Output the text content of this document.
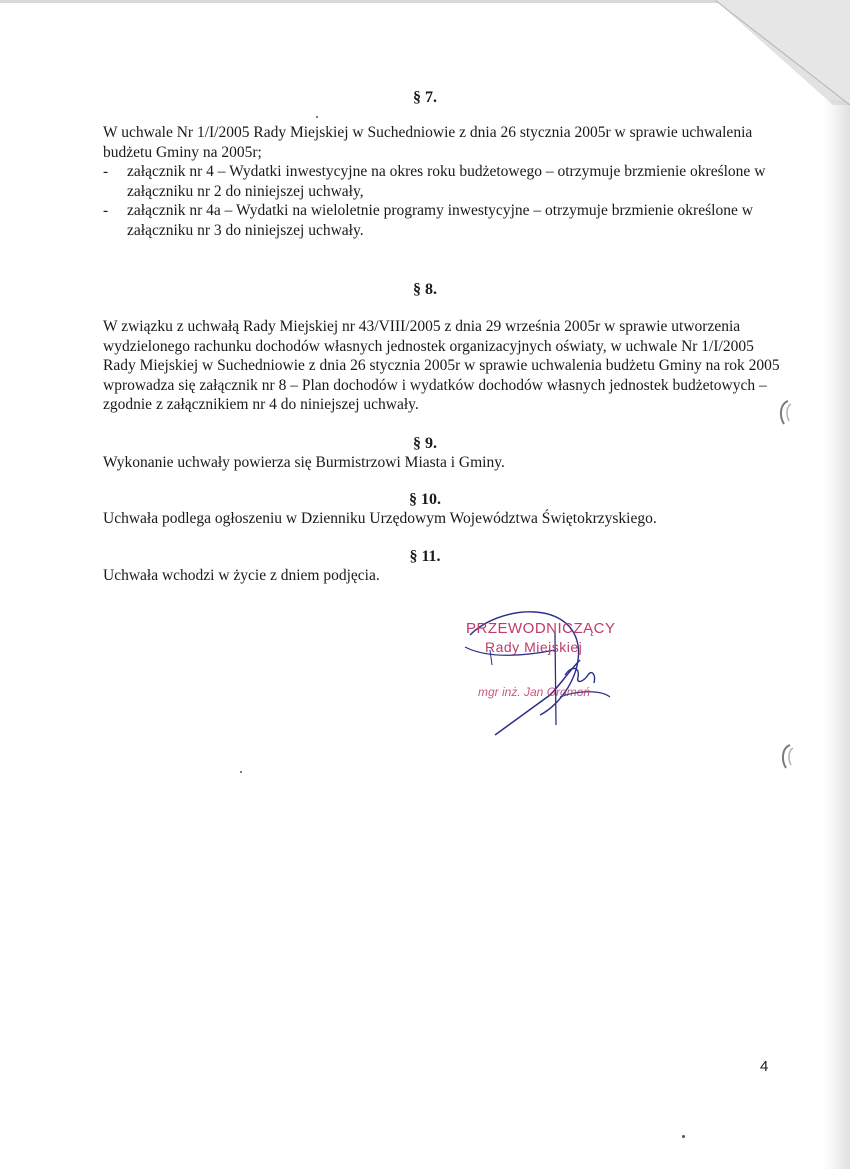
§ 7.

W uchwale Nr 1/I/2005 Rady Miejskiej w Suchedniowie z dnia 26 stycznia 2005r w sprawie uchwalenia budżetu Gminy na 2005r;

-	załącznik nr 4 – Wydatki inwestycyjne na okres roku budżetowego – otrzymuje brzmienie określone w załączniku nr 2 do niniejszej uchwały,
-	załącznik nr 4a – Wydatki na wieloletnie programy inwestycyjne – otrzymuje brzmienie określone w załączniku nr 3 do niniejszej uchwały.
§ 8.

W związku z uchwałą Rady Miejskiej nr 43/VIII/2005 z dnia 29 września 2005r w sprawie utworzenia wydzielonego rachunku dochodów własnych jednostek organizacyjnych oświaty, w uchwale Nr 1/I/2005 Rady Miejskiej w Suchedniowie z dnia 26 stycznia 2005r w sprawie uchwalenia budżetu Gminy na rok 2005 wprowadza się załącznik nr 8 – Plan dochodów i wydatków dochodów własnych jednostek budżetowych – zgodnie z załącznikiem nr 4 do niniejszej uchwały.

§ 9.

Wykonanie uchwały powierza się Burmistrzowi Miasta i Gminy.

§ 10.

Uchwała podlega ogłoszeniu w Dzienniku Urzędowym Województwa Świętokrzyskiego.

§ 11.

Uchwała wchodzi w życie z dniem podjęcia.

PRZEWODNICZĄCY
Rady Miejskiej
mgr inż. Jan Gromoń
4
